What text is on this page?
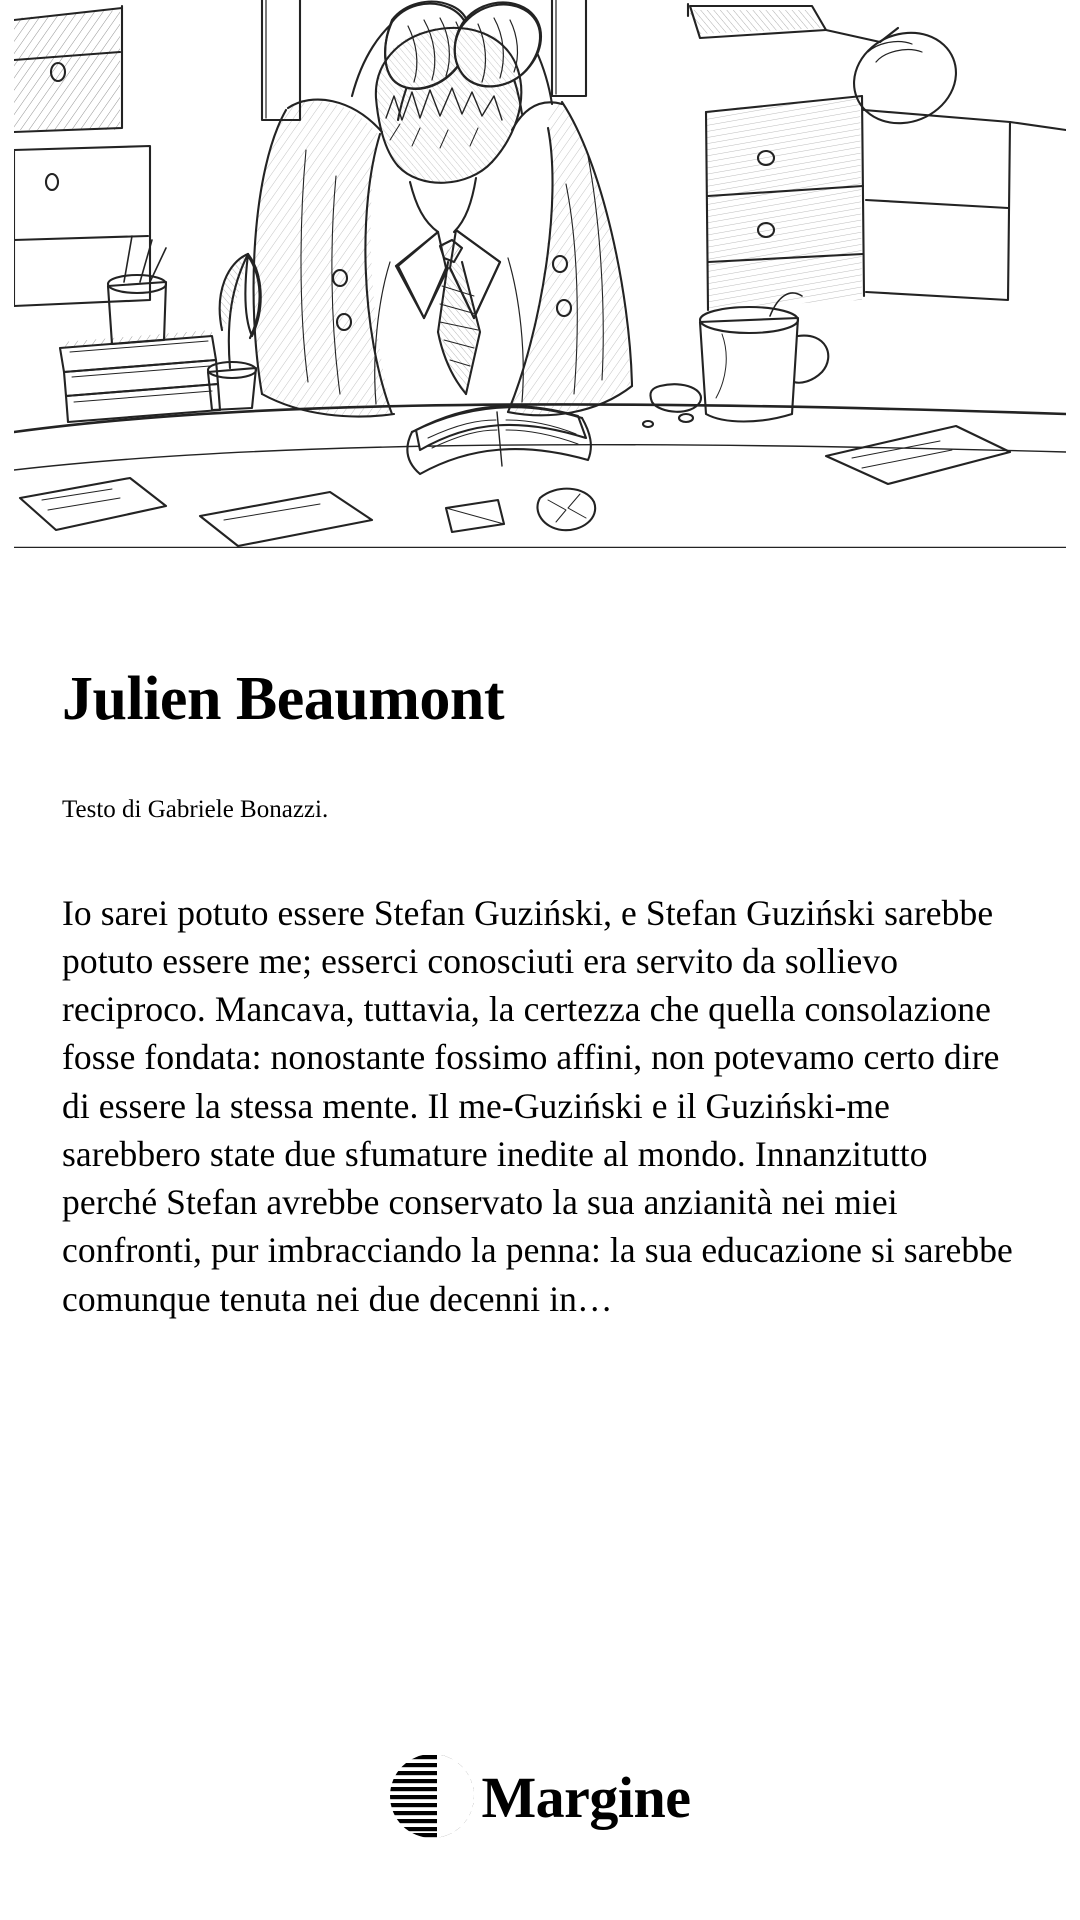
Julien Beaumont
Testo di Gabriele Bonazzi.
Io sarei potuto essere Stefan Guziński, e Stefan Guziński sarebbe potuto essere me; esserci conosciuti era servito da sollievo reciproco. Mancava, tuttavia, la certezza che quella consolazione fosse fondata: nonostante fossimo affini, non potevamo certo dire di essere la stessa mente. Il me-Guziński e il Guziński-me sarebbero state due sfumature inedite al mondo. Innanzitutto perché Stefan avrebbe conservato la sua anzianità nei miei confronti, pur imbracciando la penna: la sua educazione si sarebbe comunque tenuta nei due decenni in…
Margine
